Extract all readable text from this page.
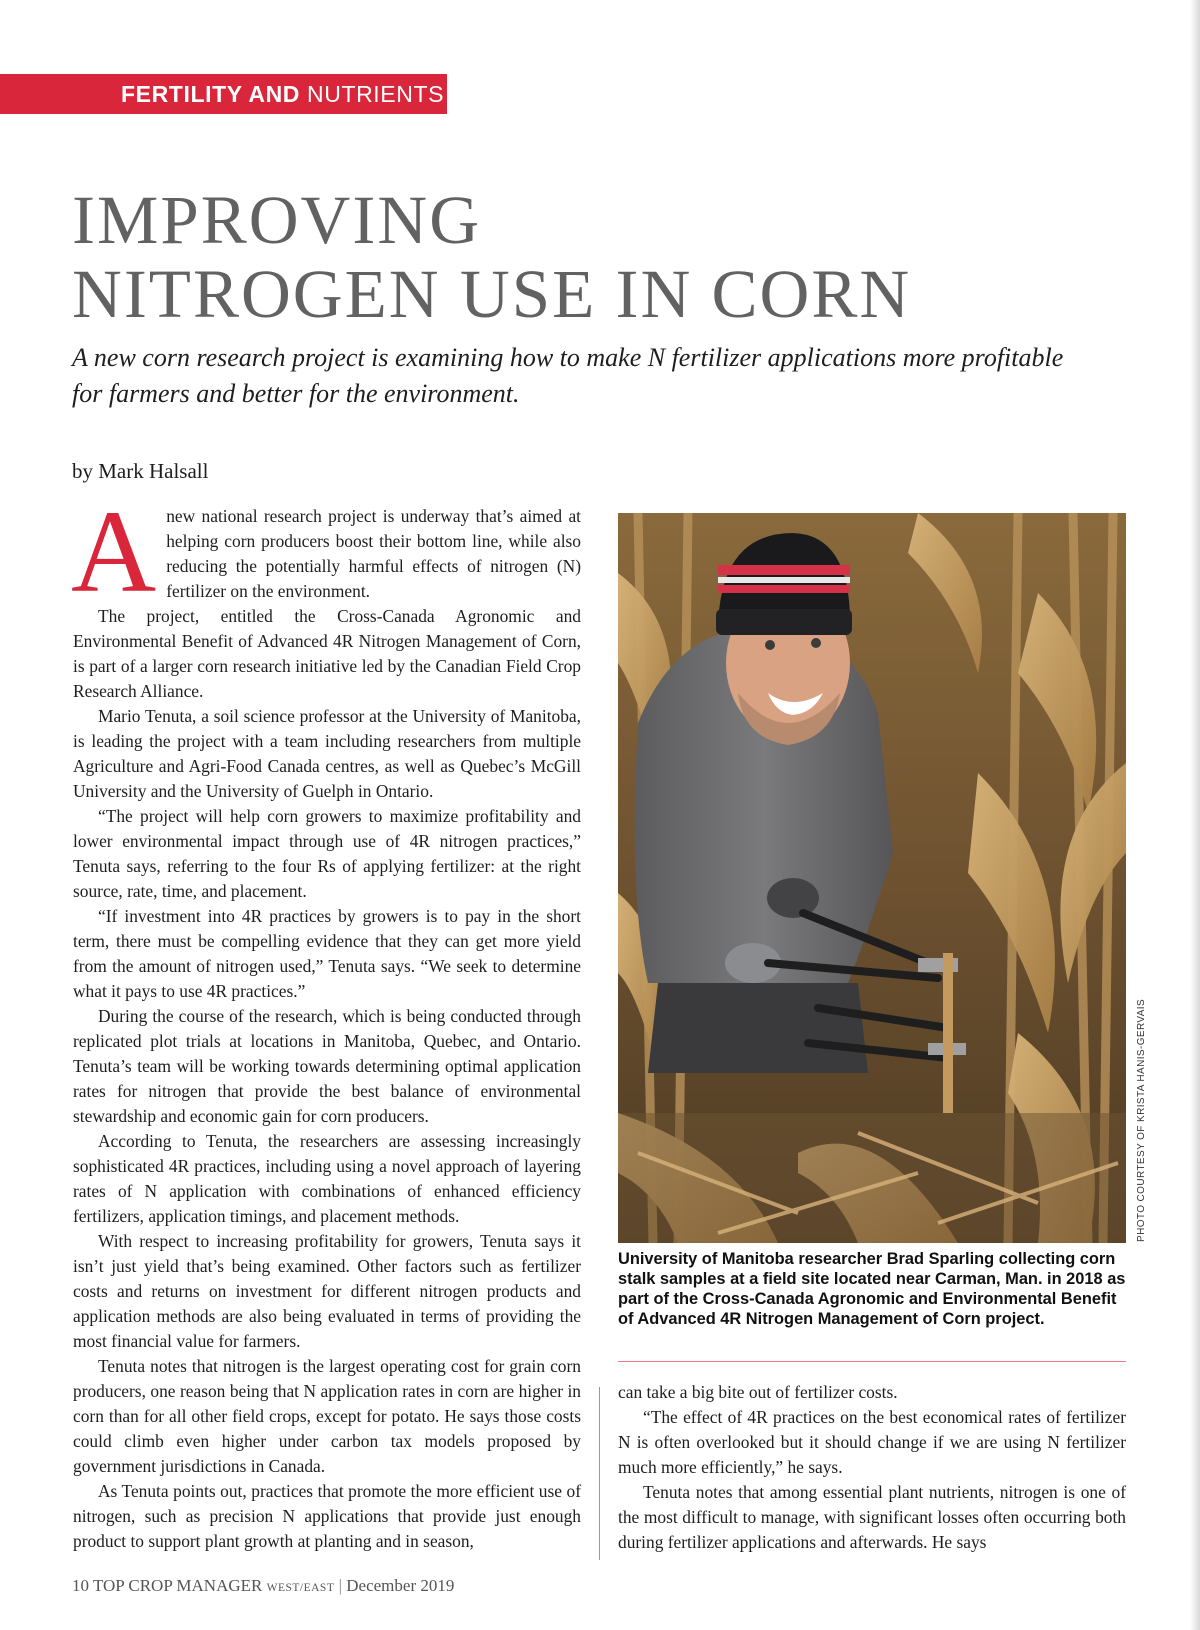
FERTILITY AND NUTRIENTS
IMPROVING
NITROGEN USE IN CORN

A new corn research project is examining how to make N fertilizer applications more profitable for farmers and better for the environment.

by Mark Halsall

Anew national research project is underway that’s aimed at helping corn producers boost their bottom line, while also reducing the potentially harmful effects of nitrogen (N) fertilizer on the environment.

The project, entitled the Cross-Canada Agronomic and Environmental Benefit of Advanced 4R Nitrogen Management of Corn, is part of a larger corn research initiative led by the Canadian Field Crop Research Alliance.

Mario Tenuta, a soil science professor at the University of Manitoba, is leading the project with a team including researchers from multiple Agriculture and Agri-Food Canada centres, as well as Quebec’s McGill University and the University of Guelph in Ontario.

“The project will help corn growers to maximize profitability and lower environmental impact through use of 4R nitrogen practices,” Tenuta says, referring to the four Rs of applying fertilizer: at the right source, rate, time, and placement.

“If investment into 4R practices by growers is to pay in the short term, there must be compelling evidence that they can get more yield from the amount of nitrogen used,” Tenuta says. “We seek to determine what it pays to use 4R practices.”

During the course of the research, which is being conducted through replicated plot trials at locations in Manitoba, Quebec, and Ontario. Tenuta’s team will be working towards determining optimal application rates for nitrogen that provide the best balance of environmental stewardship and economic gain for corn producers.

According to Tenuta, the researchers are assessing increasingly sophisticated 4R practices, including using a novel approach of layering rates of N application with combinations of enhanced efficiency fertilizers, application timings, and placement methods.

With respect to increasing profitability for growers, Tenuta says it isn’t just yield that’s being examined. Other factors such as fertilizer costs and returns on investment for different nitrogen products and application methods are also being evaluated in terms of providing the most financial value for farmers.

Tenuta notes that nitrogen is the largest operating cost for grain corn producers, one reason being that N application rates in corn are higher in corn than for all other field crops, except for potato. He says those costs could climb even higher under carbon tax models proposed by government jurisdictions in Canada.

As Tenuta points out, practices that promote the more efficient use of nitrogen, such as precision N applications that provide just enough product to support plant growth at planting and in season,

PHOTO COURTESY OF KRISTA HANIS-GERVAIS
University of Manitoba researcher Brad Sparling collecting corn stalk samples at a field site located near Carman, Man. in 2018 as part of the Cross-Canada Agronomic and Environmental Benefit of Advanced 4R Nitrogen Management of Corn project.

can take a big bite out of fertilizer costs.

“The effect of 4R practices on the best economical rates of fertilizer N is often overlooked but it should change if we are using N fertilizer much more efficiently,” he says.

Tenuta notes that among essential plant nutrients, nitrogen is one of the most difficult to manage, with significant losses often occurring both during fertilizer applications and afterwards. He says

10 TOP CROP MANAGER WEST/EAST | December 2019
